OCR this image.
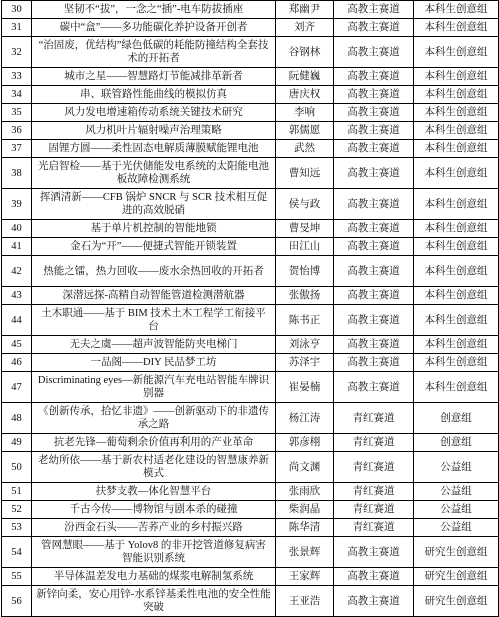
30	坚韧不“拔”，一念之“插”-电车防拔插座	郑幽尹	高教主赛道	本科生创意组
31	碳中“盒”——多功能碳化养护设备开创者	刘齐	高教主赛道	本科生创意组
32	“治固废，优结构”绿色低碳的耗能防撞结构全套技术的开拓者	谷钢林	高教主赛道	本科生创意组
33	城市之星——智慧路灯节能减排革新者	阮健巍	高教主赛道	本科生创意组
34	串、联管路性能曲线的模拟仿真	唐庆权	高教主赛道	本科生创意组
35	风力发电增速箱传动系统关键技术研究	李响	高教主赛道	本科生创意组
36	风力机叶片辐射噪声治理策略	郭儒愿	高教主赛道	本科生创意组
37	固锂方圆——柔性固态电解质薄膜赋能锂电池	武然	高教主赛道	本科生创意组
38	光启智检——基于光伏储能发电系统的太阳能电池板故障检测系统	曹知远	高教主赛道	本科生创意组
39	挥洒清新——CFB 锅炉 SNCR 与 SCR 技术相互促进的高效脱硝	侯与政	高教主赛道	本科生创意组
40	基于单片机控制的智能地锁	曹旻坤	高教主赛道	本科生创意组
41	金石为“开”——便捷式智能开锁装置	田江山	高教主赛道	本科生创意组
42	热能之镭，热力回收——废水余热回收的开拓者	贺怡博	高教主赛道	本科生创意组
43	深潜远探-高精自动智能管道检测潜航器	张傲扬	高教主赛道	本科生创意组
44	土木职通——基于 BIM 技术土木工程学工衔接平台	陈书正	高教主赛道	本科生创意组
45	无夫之虞——超声波智能防夹电梯门	刘泳亨	高教主赛道	本科生创意组
46	一品阁——DIY 民品梦工坊	苏泽宇	高教主赛道	本科生创意组
47	Discriminating eyes—新能源汽车充电站智能车牌识别器	崔晏楠	高教主赛道	本科生创意组
48	《创新传承，拾忆非遗》——创新驱动下的非遗传承之路	杨江涛	青红赛道	创意组
49	抗老先锋—葡萄剩余价值再利用的产业革命	郭彦栩	青红赛道	创意组
50	老幼所依——基于新农村适老化建设的智慧康养新模式	尚文渊	青红赛道	公益组
51	扶梦支教—体化智慧平台	张雨欣	青红赛道	公益组
52	千古今传——博物馆与剧本杀的碰撞	柴润晶	青红赛道	公益组
53	汾西金石头——苦荞产业的乡村振兴路	陈华清	青红赛道	公益组
54	管网慧眼——基于 Yolov8 的非开挖管道修复病害智能识别系统	张景辉	高教主赛道	研究生创意组
55	半导体温差发电力基础的煤浆电解制氢系统	王家辉	高教主赛道	研究生创意组
56	新锌向柔，安心用锌-水系锌基柔性电池的安全性能突破	王亚浩	高教主赛道	研究生创意组
